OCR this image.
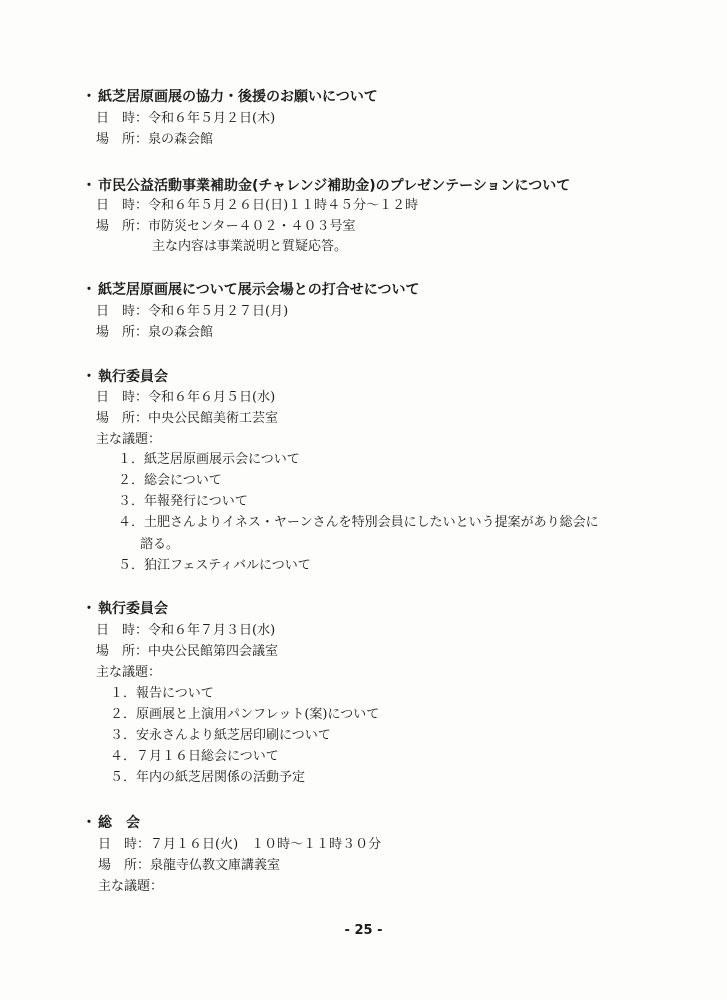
・ 紙芝居原画展の協力・後援のお願いについて
日　時：令和６年５月２日(木)
場　所：泉の森会館
・ 市民公益活動事業補助金(チャレンジ補助金)のプレゼンテーションについて
日　時：令和６年５月２６日(日)１１時４５分～１２時
場　所：市防災センター４０２・４０３号室
主な内容は事業説明と質疑応答。
・ 紙芝居原画展について展示会場との打合せについて
日　時：令和６年５月２７日(月)
場　所：泉の森会館
・ 執行委員会
日　時：令和６年６月５日(水)
場　所：中央公民館美術工芸室
主な議題：
１．紙芝居原画展示会について
２．総会について
３．年報発行について
４．土肥さんよりイネス・ヤーンさんを特別会員にしたいという提案があり総会に
諮る。
５．狛江フェスティバルについて
・ 執行委員会
日　時：令和６年７月３日(水)
場　所：中央公民館第四会議室
主な議題：
１．報告について
２．原画展と上演用パンフレット(案)について
３．安永さんより紙芝居印刷について
４．７月１６日総会について
５．年内の紙芝居関係の活動予定
・ 総　会
日　時：７月１６日(火)　１０時～１１時３０分
場　所：泉龍寺仏教文庫講義室
主な議題：
- 25 -
